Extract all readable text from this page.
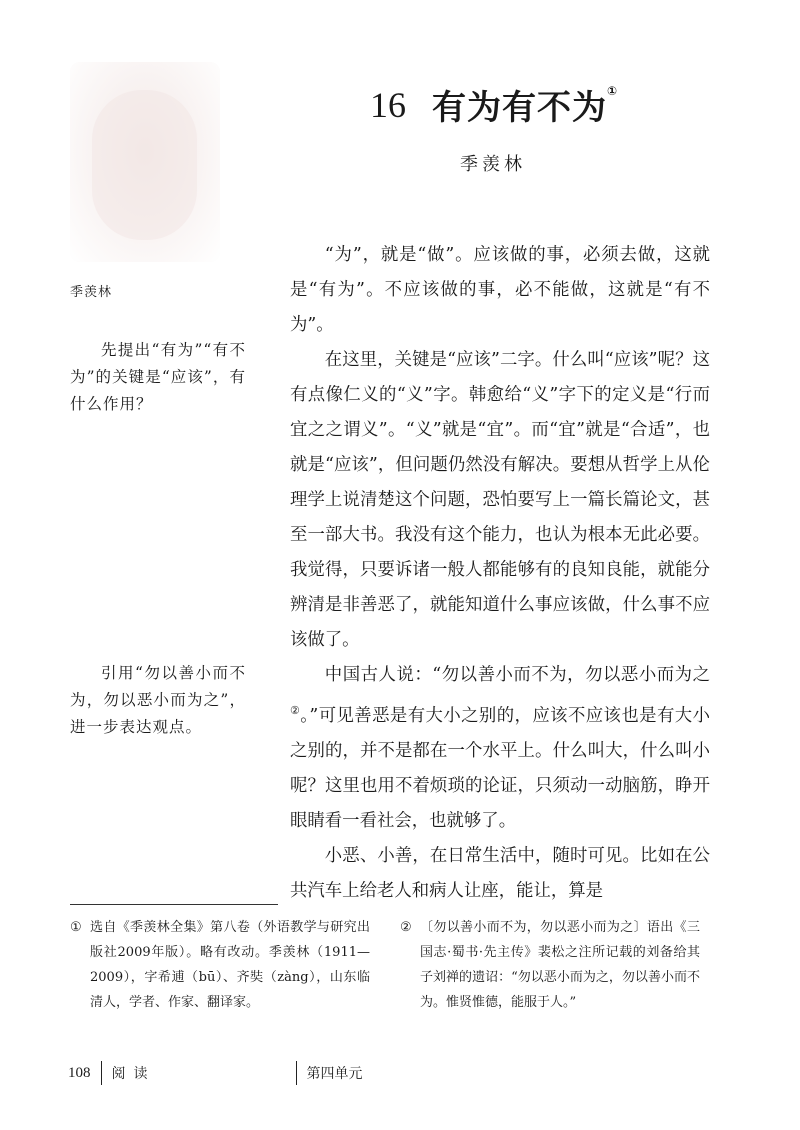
季羡林
16 有为有不为①
季羡林

“为”，就是“做”。应该做的事，必须去做，这就是“有为”。不应该做的事，必不能做，这就是“有不为”。

在这里，关键是“应该”二字。什么叫“应该”呢？这有点像仁义的“义”字。韩愈给“义”字下的定义是“行而宜之之谓义”。“义”就是“宜”。而“宜”就是“合适”，也就是“应该”，但问题仍然没有解决。要想从哲学上从伦理学上说清楚这个问题，恐怕要写上一篇长篇论文，甚至一部大书。我没有这个能力，也认为根本无此必要。我觉得，只要诉诸一般人都能够有的良知良能，就能分辨清是非善恶了，就能知道什么事应该做，什么事不应该做了。

中国古人说：“勿以善小而不为，勿以恶小而为之②。”可见善恶是有大小之别的，应该不应该也是有大小之别的，并不是都在一个水平上。什么叫大，什么叫小呢？这里也用不着烦琐的论证，只须动一动脑筋，睁开眼睛看一看社会，也就够了。

小恶、小善，在日常生活中，随时可见。比如在公共汽车上给老人和病人让座，能让，算是

先提出“有为”“有不为”的关键是“应该”，有什么作用？
引用“勿以善小而不为，勿以恶小而为之”，进一步表达观点。
① 选自《季羡林全集》第八卷（外语教学与研究出版社2009年版）。略有改动。季羡林（1911—2009），字希逋（bū）、齐奘（zàng），山东临清人，学者、作家、翻译家。
② 〔勿以善小而不为，勿以恶小而为之〕语出《三国志·蜀书·先主传》裴松之注所记载的刘备给其子刘禅的遗诏：“勿以恶小而为之，勿以善小而不为。惟贤惟德，能服于人。”
108 阅读	第四单元
